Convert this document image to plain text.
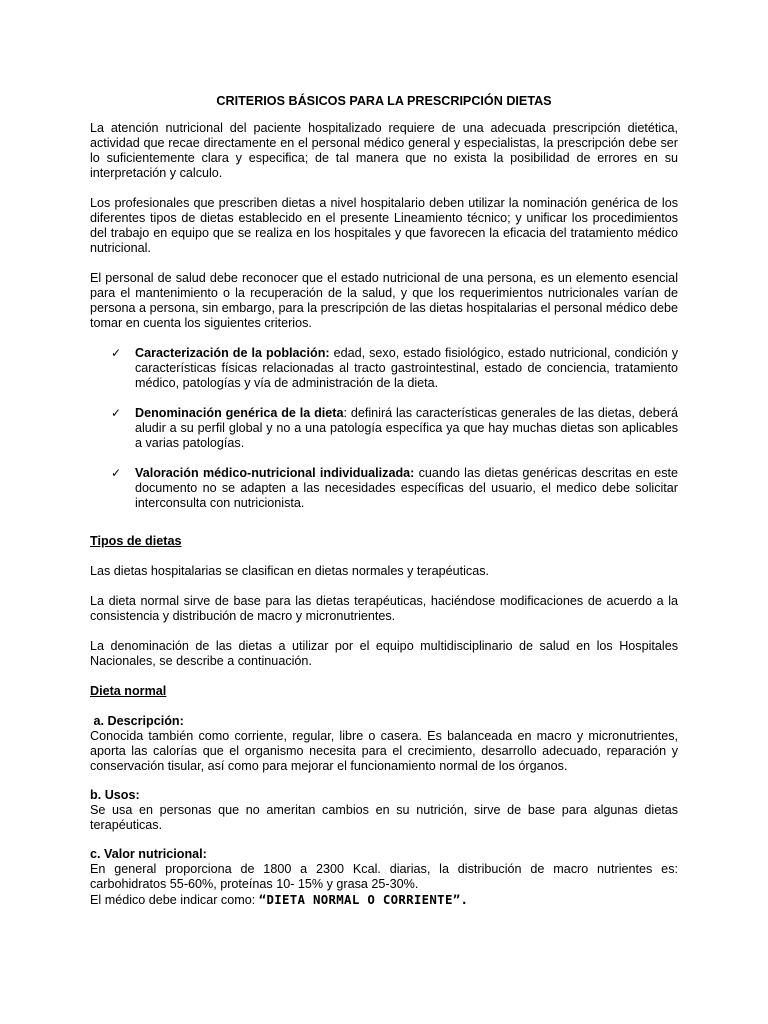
CRITERIOS BÁSICOS PARA LA PRESCRIPCIÓN DIETAS

La atención nutricional del paciente hospitalizado requiere de una adecuada prescripción dietética, actividad que recae directamente en el personal médico general y especialistas, la prescripción debe ser lo suficientemente clara y especifica; de tal manera que no exista la posibilidad de errores en su interpretación y calculo.

Los profesionales que prescriben dietas a nivel hospitalario deben utilizar la nominación genérica de los diferentes tipos de dietas establecido en el presente Lineamiento técnico; y unificar los procedimientos del trabajo en equipo que se realiza en los hospitales y que favorecen la eficacia del tratamiento médico nutricional.

El personal de salud debe reconocer que el estado nutricional de una persona, es un elemento esencial para el mantenimiento o la recuperación de la salud, y que los requerimientos nutricionales varían de persona a persona, sin embargo, para la prescripción de las dietas hospitalarias el personal médico debe tomar en cuenta los siguientes criterios.

✓ Caracterización de la población: edad, sexo, estado fisiológico, estado nutricional, condición y características físicas relacionadas al tracto gastrointestinal, estado de conciencia, tratamiento médico, patologías y vía de administración de la dieta.
✓ Denominación genérica de la dieta: definirá las características generales de las dietas, deberá aludir a su perfil global y no a una patología específica ya que hay muchas dietas son aplicables a varias patologías.
✓ Valoración médico-nutricional individualizada: cuando las dietas genéricas descritas en este documento no se adapten a las necesidades específicas del usuario, el medico debe solicitar interconsulta con nutricionista.
Tipos de dietas

Las dietas hospitalarias se clasifican en dietas normales y terapéuticas.

La dieta normal sirve de base para las dietas terapéuticas, haciéndose modificaciones de acuerdo a la consistencia y distribución de macro y micronutrientes.

La denominación de las dietas a utilizar por el equipo multidisciplinario de salud en los Hospitales Nacionales, se describe a continuación.

Dieta normal
a. Descripción:

Conocida también como corriente, regular, libre o casera. Es balanceada en macro y micronutrientes, aporta las calorías que el organismo necesita para el crecimiento, desarrollo adecuado, reparación y conservación tisular, así como para mejorar el funcionamiento normal de los órganos.

b. Usos:

Se usa en personas que no ameritan cambios en su nutrición, sirve de base para algunas dietas terapéuticas.

c. Valor nutricional:

En general proporciona de 1800 a 2300 Kcal. diarias, la distribución de macro nutrientes es: carbohidratos 55-60%, proteínas 10- 15% y grasa 25-30%.

El médico debe indicar como: “DIETA NORMAL O CORRIENTE”.
